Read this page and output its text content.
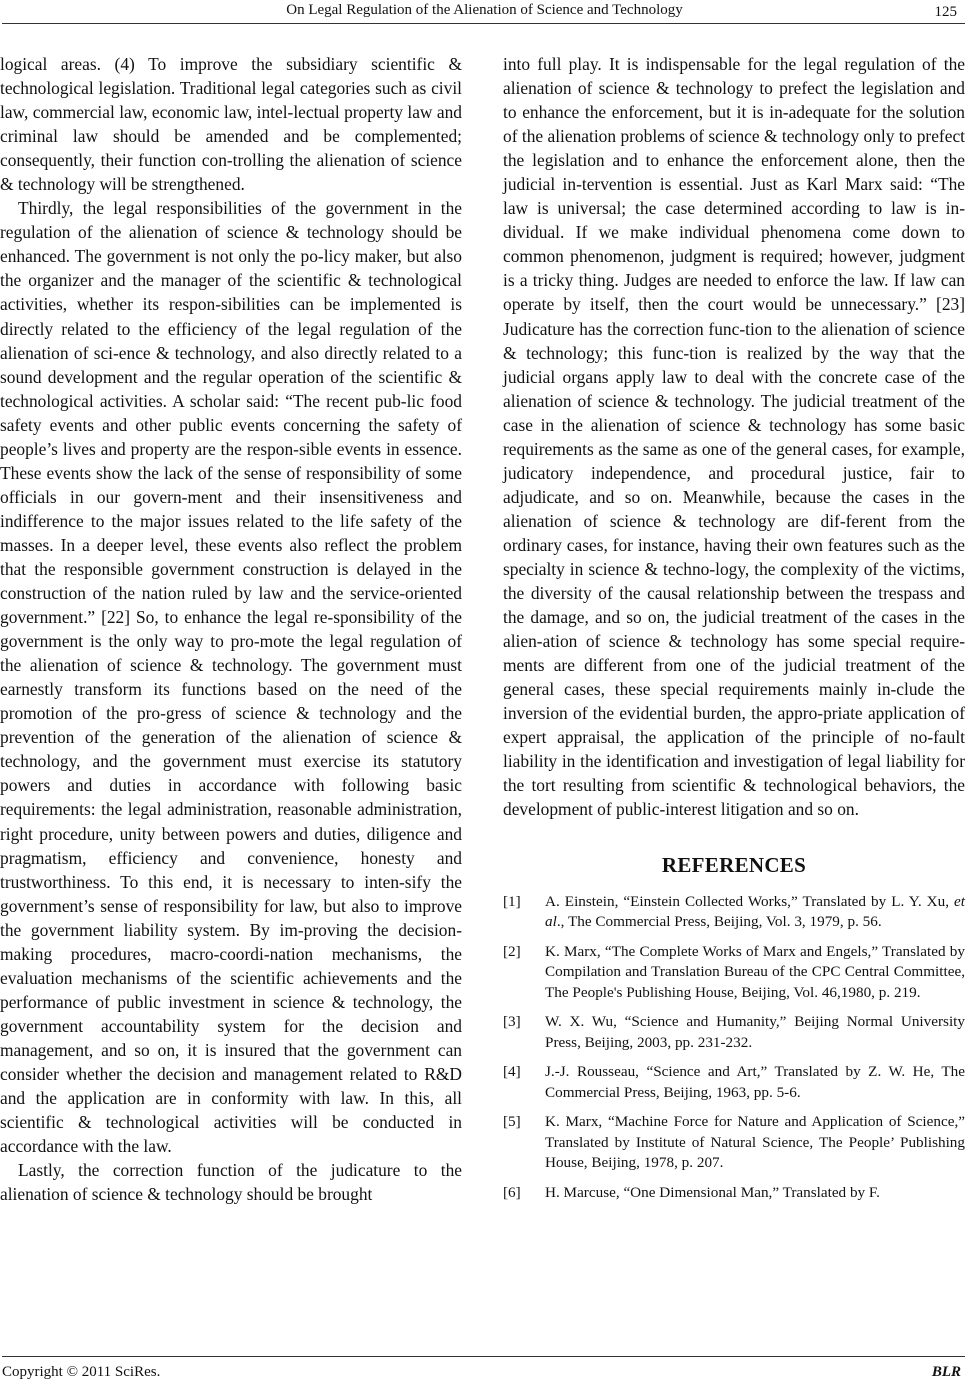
On Legal Regulation of the Alienation of Science and Technology	125

logical areas. (4) To improve the subsidiary scientific & technological legislation. Traditional legal categories such as civil law, commercial law, economic law, intel-lectual property law and criminal law should be amended and be complemented; consequently, their function con-trolling the alienation of science & technology will be strengthened.

Thirdly, the legal responsibilities of the government in the regulation of the alienation of science & technology should be enhanced. The government is not only the po-licy maker, but also the organizer and the manager of the scientific & technological activities, whether its respon-sibilities can be implemented is directly related to the efficiency of the legal regulation of the alienation of sci-ence & technology, and also directly related to a sound development and the regular operation of the scientific & technological activities. A scholar said: “The recent pub-lic food safety events and other public events concerning the safety of people’s lives and property are the respon-sible events in essence. These events show the lack of the sense of responsibility of some officials in our govern-ment and their insensitiveness and indifference to the major issues related to the life safety of the masses. In a deeper level, these events also reflect the problem that the responsible government construction is delayed in the construction of the nation ruled by law and the service-oriented government.” [22] So, to enhance the legal re-sponsibility of the government is the only way to pro-mote the legal regulation of the alienation of science & technology. The government must earnestly transform its functions based on the need of the promotion of the pro-gress of science & technology and the prevention of the generation of the alienation of science & technology, and the government must exercise its statutory powers and duties in accordance with following basic requirements: the legal administration, reasonable administration, right procedure, unity between powers and duties, diligence and pragmatism, efficiency and convenience, honesty and trustworthiness. To this end, it is necessary to inten-sify the government’s sense of responsibility for law, but also to improve the government liability system. By im-proving the decision-making procedures, macro-coordi-nation mechanisms, the evaluation mechanisms of the scientific achievements and the performance of public investment in science & technology, the government accountability system for the decision and management, and so on, it is insured that the government can consider whether the decision and management related to R&D and the application are in conformity with law. In this, all scientific & technological activities will be conducted in accordance with the law.

Lastly, the correction function of the judicature to the alienation of science & technology should be brought

into full play. It is indispensable for the legal regulation of the alienation of science & technology to prefect the legislation and to enhance the enforcement, but it is in-adequate for the solution of the alienation problems of science & technology only to prefect the legislation and to enhance the enforcement alone, then the judicial in-tervention is essential. Just as Karl Marx said: “The law is universal; the case determined according to law is in-dividual. If we make individual phenomena come down to common phenomenon, judgment is required; however, judgment is a tricky thing. Judges are needed to enforce the law. If law can operate by itself, then the court would be unnecessary.” [23] Judicature has the correction func-tion to the alienation of science & technology; this func-tion is realized by the way that the judicial organs apply law to deal with the concrete case of the alienation of science & technology. The judicial treatment of the case in the alienation of science & technology has some basic requirements as the same as one of the general cases, for example, judicatory independence, and procedural justice, fair to adjudicate, and so on. Meanwhile, because the cases in the alienation of science & technology are dif-ferent from the ordinary cases, for instance, having their own features such as the specialty in science & techno-logy, the complexity of the victims, the diversity of the causal relationship between the trespass and the damage, and so on, the judicial treatment of the cases in the alien-ation of science & technology has some special require-ments are different from one of the judicial treatment of the general cases, these special requirements mainly in-clude the inversion of the evidential burden, the appro-priate application of expert appraisal, the application of the principle of no-fault liability in the identification and investigation of legal liability for the tort resulting from scientific & technological behaviors, the development of public-interest litigation and so on.

REFERENCES
[1]	A. Einstein, “Einstein Collected Works,” Translated by L. Y. Xu, et al., The Commercial Press, Beijing, Vol. 3, 1979, p. 56.
[2]	K. Marx, “The Complete Works of Marx and Engels,” Translated by Compilation and Translation Bureau of the CPC Central Committee, The People's Publishing House, Beijing, Vol. 46,1980, p. 219.
[3]	W. X. Wu, “Science and Humanity,” Beijing Normal University Press, Beijing, 2003, pp. 231-232.
[4]	J.-J. Rousseau, “Science and Art,” Translated by Z. W. He, The Commercial Press, Beijing, 1963, pp. 5-6.
[5]	K. Marx, “Machine Force for Nature and Application of Science,” Translated by Institute of Natural Science, The People’ Publishing House, Beijing, 1978, p. 207.
[6]	H. Marcuse, “One Dimensional Man,” Translated by F.
Copyright © 2011 SciRes.	BLR
